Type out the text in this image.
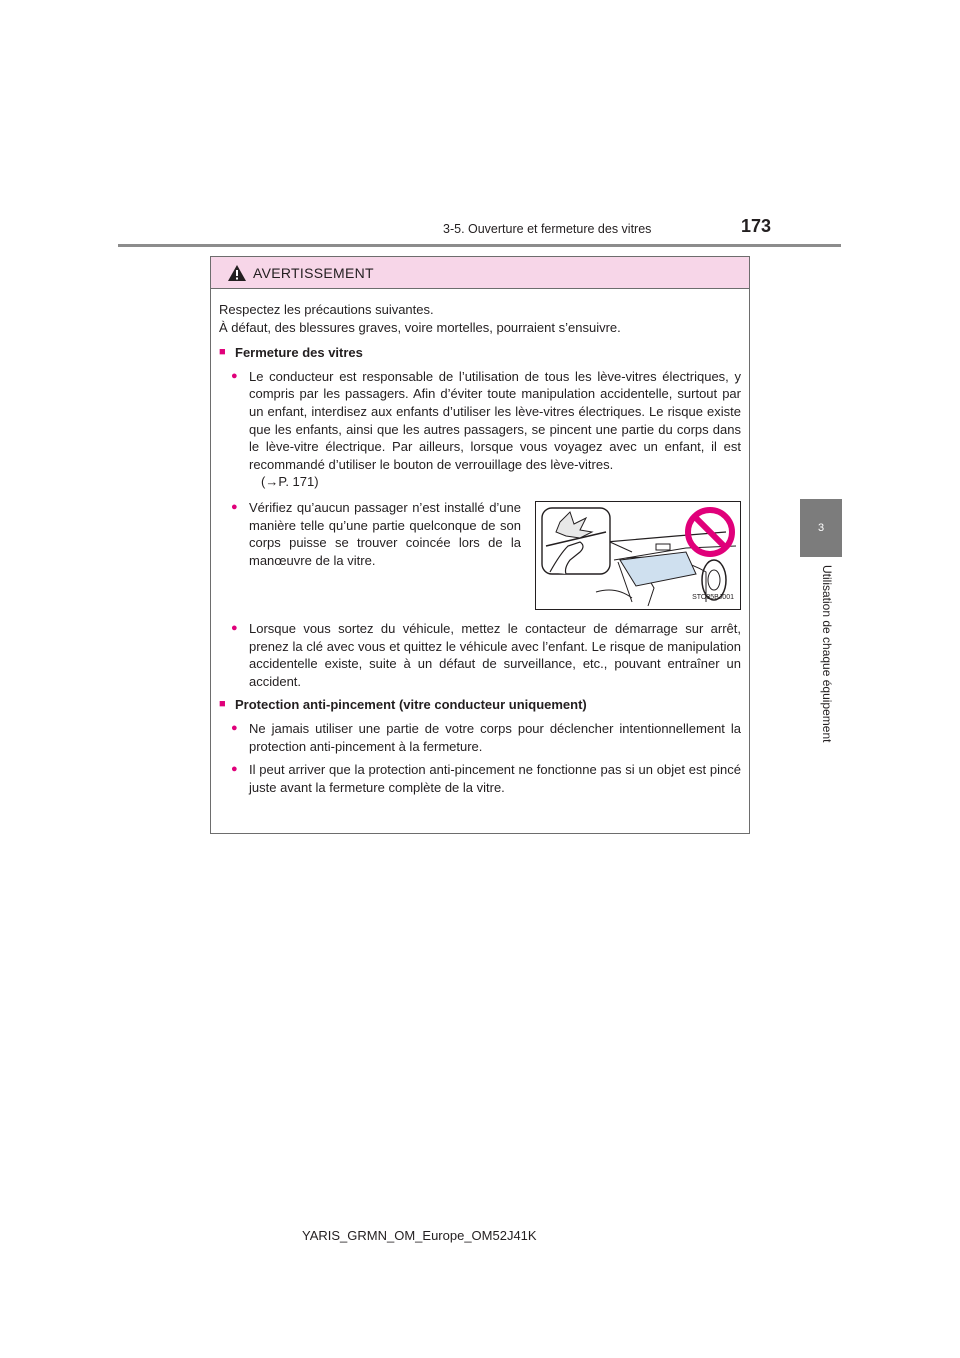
3-5. Ouverture et fermeture des vitres	173
3
Utilisation de chaque équipement
AVERTISSEMENT

Respectez les précautions suivantes.

À défaut, des blessures graves, voire mortelles, pourraient s’ensuivre.

■ Fermeture des vitres
● Le conducteur est responsable de l’utilisation de tous les lève-vitres électriques, y compris par les passagers. Afin d’éviter toute manipulation accidentelle, surtout par un enfant, interdisez aux enfants d’utiliser les lève-vitres électriques. Le risque existe que les enfants, ainsi que les autres passagers, se pincent une partie du corps dans le lève-vitre électrique. Par ailleurs, lorsque vous voyagez avec un enfant, il est recommandé d’utiliser le bouton de verrouillage des lève-vitres.
(→P. 171)
● Vérifiez qu’aucun passager n’est installé d’une manière telle qu’une partie quelconque de son corps puisse se trouver coincée lors de la manœuvre de la vitre.
STO35BJ001
● Lorsque vous sortez du véhicule, mettez le contacteur de démarrage sur arrêt, prenez la clé avec vous et quittez le véhicule avec l’enfant. Le risque de manipulation accidentelle existe, suite à un défaut de surveillance, etc., pouvant entraîner un accident.
■ Protection anti-pincement (vitre conducteur uniquement)
● Ne jamais utiliser une partie de votre corps pour déclencher intentionnellement la protection anti-pincement à la fermeture.
● Il peut arriver que la protection anti-pincement ne fonctionne pas si un objet est pincé juste avant la fermeture complète de la vitre.
YARIS_GRMN_OM_Europe_OM52J41K
